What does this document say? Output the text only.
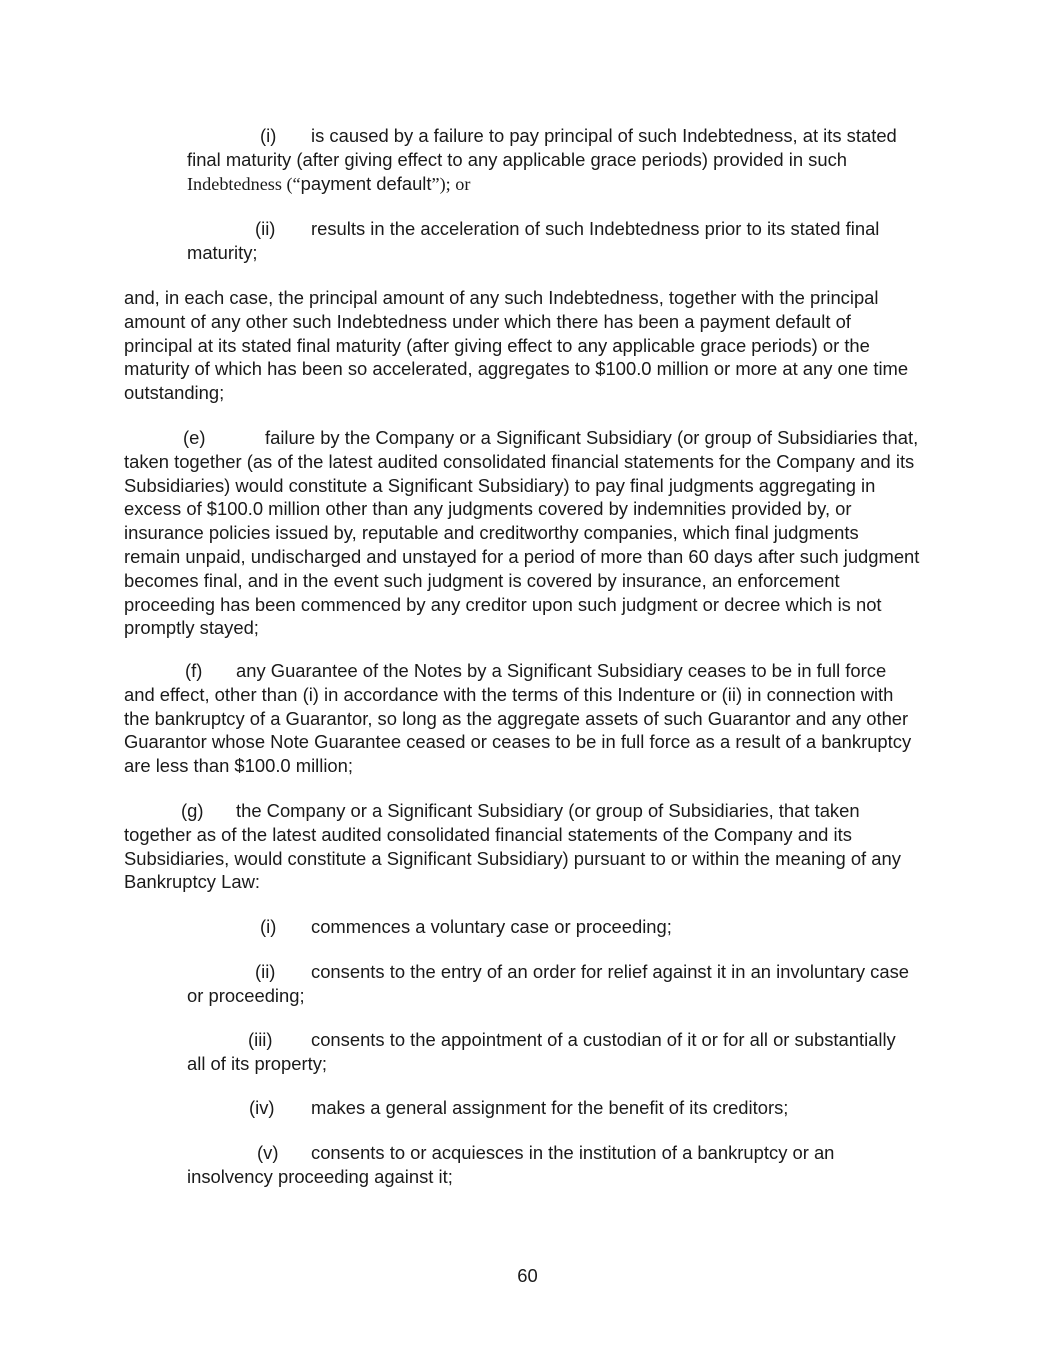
(i) is caused by a failure to pay principal of such Indebtedness, at its stated
final maturity (after giving effect to any applicable grace periods) provided in such
Indebtedness (“payment default”); or
(ii) results in the acceleration of such Indebtedness prior to its stated final
maturity;
and, in each case, the principal amount of any such Indebtedness, together with the principal
amount of any other such Indebtedness under which there has been a payment default of
principal at its stated final maturity (after giving effect to any applicable grace periods) or the
maturity of which has been so accelerated, aggregates to $100.0 million or more at any one time
outstanding;
(e)	failure by the Company or a Significant Subsidiary (or group of Subsidiaries that,
taken together (as of the latest audited consolidated financial statements for the Company and its
Subsidiaries) would constitute a Significant Subsidiary) to pay final judgments aggregating in
excess of $100.0 million other than any judgments covered by indemnities provided by, or
insurance policies issued by, reputable and creditworthy companies, which final judgments
remain unpaid, undischarged and unstayed for a period of more than 60 days after such judgment
becomes final, and in the event such judgment is covered by insurance, an enforcement
proceeding has been commenced by any creditor upon such judgment or decree which is not
promptly stayed;
(f) any Guarantee of the Notes by a Significant Subsidiary ceases to be in full force
and effect, other than (i) in accordance with the terms of this Indenture or (ii) in connection with
the bankruptcy of a Guarantor, so long as the aggregate assets of such Guarantor and any other
Guarantor whose Note Guarantee ceased or ceases to be in full force as a result of a bankruptcy
are less than $100.0 million;
(g) the Company or a Significant Subsidiary (or group of Subsidiaries, that taken
together as of the latest audited consolidated financial statements of the Company and its
Subsidiaries, would constitute a Significant Subsidiary) pursuant to or within the meaning of any
Bankruptcy Law:
(i) commences a voluntary case or proceeding;
(ii) consents to the entry of an order for relief against it in an involuntary case
or proceeding;
(iii) consents to the appointment of a custodian of it or for all or substantially
all of its property;
(iv) makes a general assignment for the benefit of its creditors;
(v) consents to or acquiesces in the institution of a bankruptcy or an
insolvency proceeding against it;
60
